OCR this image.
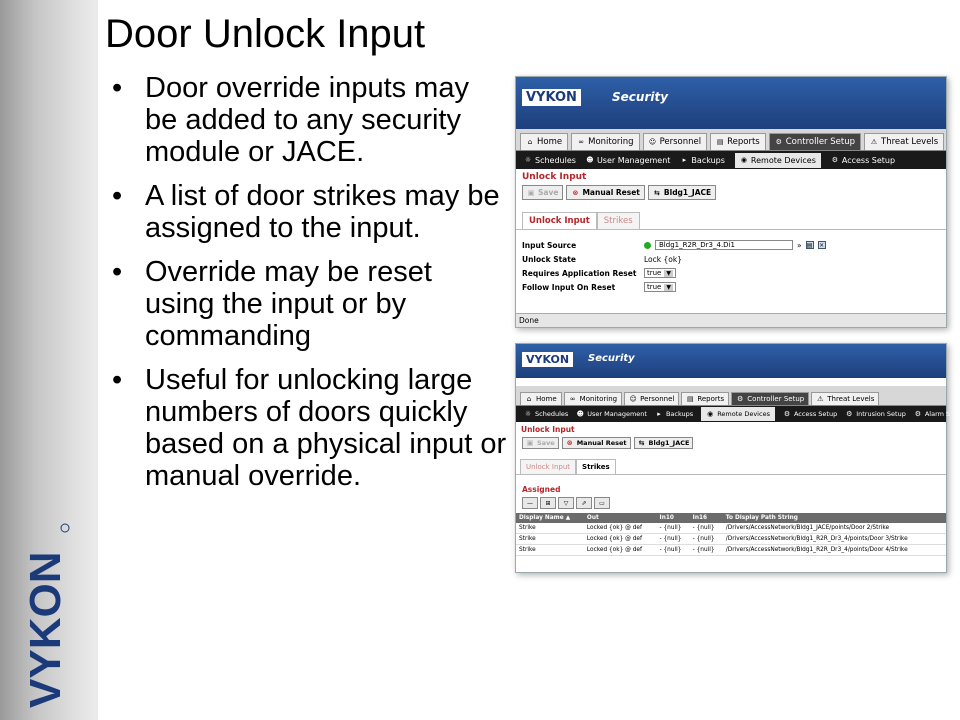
VYKON
Door Unlock Input
• Door override inputs may be added to any security module or JACE.
• A list of door strikes may be assigned to the input.
• Override may be reset using the input or by commanding
• Useful for unlocking large numbers of doors quickly based on a physical input or manual override.
VYKON	Security
⌂ Home ∞ Monitoring ☺ Personnel ▤ Reports ⚙ Controller Setup ⚠ Threat Levels
☼ Schedules ☻ User Management	▸ Backups ◉ Remote Devices ⚙ Access Setup
Unlock Input
▣ Save ⊗ Manual Reset ⇆ Bldg1_JACE
Unlock Input	Strikes
Input Source	Bldg1_R2R_Dr3_4.Di1	» ▤ ×
Unlock State	Lock {ok}
Requires Application Reset	true ▼
Follow Input On Reset	true ▼
Done
VYKON	Security
⌂ Home ∞ Monitoring ☺ Personnel ▤ Reports ⚙ Controller Setup ⚠ Threat Levels
☼ Schedules ☻ User Management	▸ Backups ◉ Remote Devices ⚙ Access Setup ⚙ Intrusion Setup ⚙ Alarm S
Unlock Input
▣ Save ⊗ Manual Reset ⇆ Bldg1_JACE
Unlock Input	Strikes
Assigned
—	⊞	▽	⇗	▭
Display Name ▲	Out	In10	In16	To Display Path String
Strike	Locked {ok} @ def	- {null}	- {null}	/Drivers/AccessNetwork/Bldg1_JACE/points/Door 2/Strike
Strike	Locked {ok} @ def	- {null}	- {null}	/Drivers/AccessNetwork/Bldg1_R2R_Dr3_4/points/Door 3/Strike
Strike	Locked {ok} @ def	- {null}	- {null}	/Drivers/AccessNetwork/Bldg1_R2R_Dr3_4/points/Door 4/Strike
